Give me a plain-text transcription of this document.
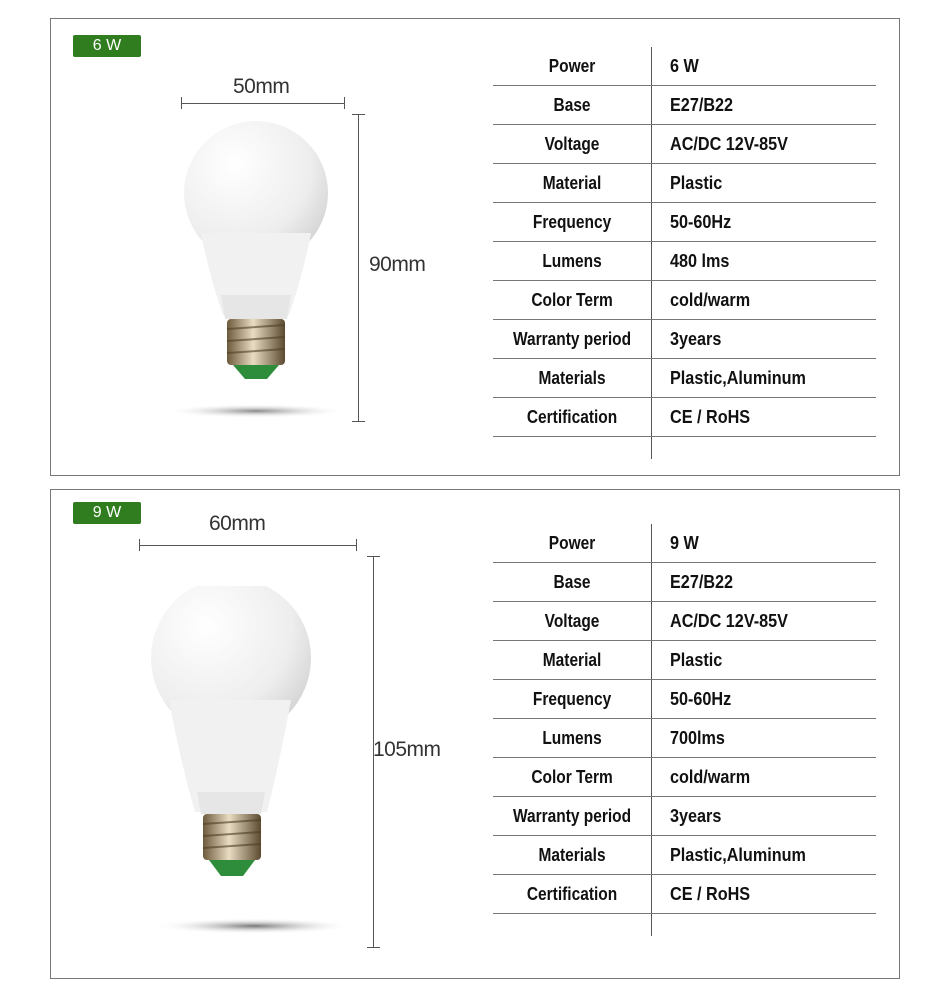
6 W
50mm
90mm
Power	6 W
Base	E27/B22
Voltage	AC/DC 12V-85V
Material	Plastic
Frequency	50-60Hz
Lumens	480 lms
Color Term	cold/warm
Warranty period	3years
Materials	Plastic,Aluminum
Certification	CE / RoHS

9 W	60mm
105mm
Power	9 W
Base	E27/B22
Voltage	AC/DC 12V-85V
Material	Plastic
Frequency	50-60Hz
Lumens	700lms
Color Term	cold/warm
Warranty period	3years
Materials	Plastic,Aluminum
Certification	CE / RoHS
